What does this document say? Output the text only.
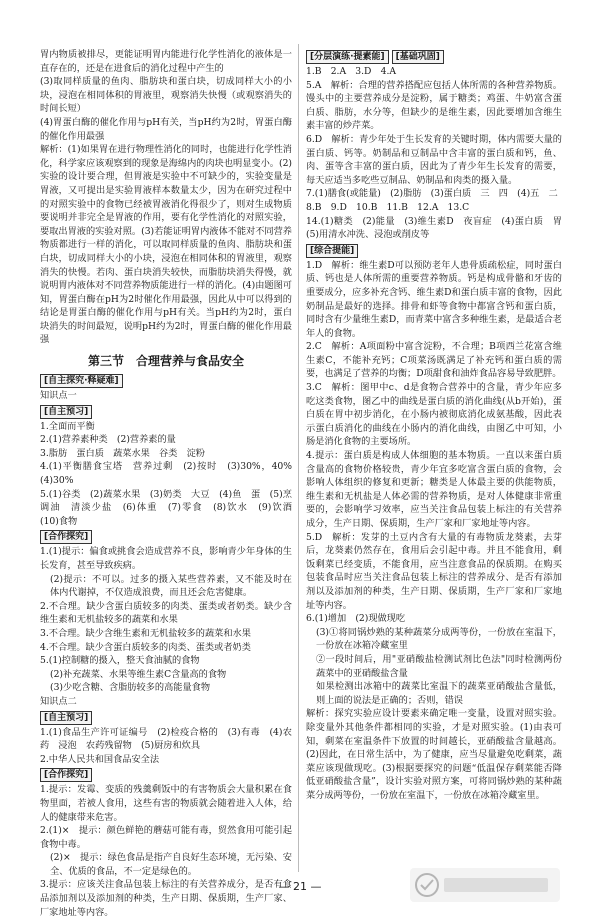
胃内物质被排尽，更能证明胃内能进行化学性消化的液体是一直存在的，还是在进食后的消化过程中产生的

(3)取同样质量的鱼肉、脂肪块和蛋白块，切成同样大小的小块，浸泡在相同体积的胃液里，观察消失快慢（或观察消失的时间长短）

(4)胃蛋白酶的催化作用与pH有关，当pH约为2时，胃蛋白酶的催化作用最强

解析：(1)如果胃在进行物理性消化的同时，也能进行化学性消化，科学家应该观察到的现象是海绵内的肉块也明显变小。(2)实验的设计要合理，但胃液是实验中不可缺少的，实验变量是胃液，又可提出是实验胃液样本数量太少，因为在研究过程中的对照实验中的食物已经被胃液消化得很少了，则对生成物质要说明并非完全是胃液的作用，要有化学性消化的对照实验，要取出胃液的实验对照。(3)若能证明胃内液体不能对不同营养物质都进行一样的消化，可以取同样质量的鱼肉、脂肪块和蛋白块，切成同样大小的小块，浸泡在相同体积的胃液里，观察消失的快慢。若肉、蛋白块消失较快，而脂肪块消失得慢，就说明胃内液体对不同营养物质能进行一样的消化。(4)由题图可知，胃蛋白酶在pH为2时催化作用最强，因此从中可以得到的结论是胃蛋白酶的催化作用与pH有关。当pH约为2时，蛋白块消失的时间最短，说明pH约为2时，胃蛋白酶的催化作用最强

第三节　合理营养与食品安全
[自主探究·释疑难]

知识点一

[自主预习]

1.全面而平衡

2.(1)营养素种类　(2)营养素的量

3.脂肪　蛋白质　蔬菜水果　谷类　淀粉

4.(1)平衡膳食宝塔　营养过剩　(2)按时　(3)30%，40%　(4)30%

5.(1)谷类　(2)蔬菜水果　(3)奶类　大豆　(4)鱼　蛋　(5)烹调油　清淡少盐　(6)体重　(7)零食　(8)饮水　(9)饮酒　(10)食物

[合作探究]

1.(1)提示：偏食或挑食会造成营养不良，影响青少年身体的生长发育，甚至导致疾病。

(2)提示：不可以。过多的摄入某些营养素，又不能及时在体内代谢掉，不仅造成浪费，而且还会危害健康。

2.不合理。缺少含蛋白质较多的肉类、蛋类或者奶类。缺少含维生素和无机盐较多的蔬菜和水果

3.不合理。缺少含维生素和无机盐较多的蔬菜和水果

4.不合理。缺少含蛋白质较多的肉类、蛋类或者奶类

5.(1)控制糖的摄入，整天食油腻的食物

(2)补充蔬菜、水果等维生素C含量高的食物

(3)少吃含糖、含脂肪较多的高能量食物

知识点二

[自主预习]

1.(1)食品生产许可证编号　(2)检疫合格的　(3)有毒　(4)农药　浸泡　农药残留物　(5)厨房和炊具

2.中华人民共和国食品安全法

[合作探究]

1.提示：发霉、变质的残羹剩饭中的有害物质会大量积累在食物里面，若被人食用，这些有害的物质就会随着进入人体，给人的健康带来危害。

2.(1)×　提示：颜色鲜艳的蘑菇可能有毒，贸然食用可能引起食物中毒。

(2)×　提示：绿色食品是指产自良好生态环境，无污染、安全、优质的食品，不一定是绿色的。

3.提示：应该关注食品包装上标注的有关营养成分，是否有食品添加剂以及添加剂的种类，生产日期、保质期，生产厂家、厂家地址等内容。

[分层演练·提素能] [基础巩固]

1.B　2.A　3.D　4.A

5.A　解析：合理的营养搭配应包括人体所需的各种营养物质。馒头中的主要营养成分是淀粉，属于糖类；鸡蛋、牛奶富含蛋白质、脂肪，水分等，但缺少的是维生素，因此要增加含维生素丰富的炒芹菜。

6.D　解析：青少年处于生长发育的关键时期，体内需要大量的蛋白质、钙等。奶制品和豆制品中含丰富的蛋白质和钙，鱼、肉、蛋等含丰富的蛋白质，因此为了青少年生长发育的需要，每天应适当多吃些豆制品、奶制品和肉类的摄入量。

7.(1)膳食(或能量)　(2)脂肪　(3)蛋白质　三　四　(4)五　二

8.B　9.D　10.B　11.B　12.A　13.C

14.(1)糖类　(2)能量　(3)维生素D　夜盲症　(4)蛋白质　胃　(5)用清水冲洗、浸泡或削皮等

[综合提能]

1.D　解析：维生素D可以预防老年人患骨质疏松症，同时蛋白质、钙也是人体所需的重要营养物质。钙是构成骨骼和牙齿的重要成分，应多补充含钙、维生素D和蛋白质丰富的食物，因此奶制品是最好的选择。排骨和虾等食物中都富含钙和蛋白质，同时含有少量维生素D，而青菜中富含多种维生素，是最适合老年人的食物。

2.C　解析：A项面粉中富含淀粉，不合理；B项西兰花富含维生素C，不能补充钙；C项菜汤既满足了补充钙和蛋白质的需要，也满足了营养的均衡；D项甜食和油炸食品容易导致肥胖。

3.C　解析：图甲中c、d是食物合营养中的含量，青少年应多吃这类食物，图乙中的曲线是蛋白质的消化曲线(从b开始)，蛋白质在胃中初步消化，在小肠内被彻底消化成氨基酸，因此表示蛋白质消化的曲线在小肠内的消化曲线，由图乙中可知，小肠是消化食物的主要场所。

4.提示：蛋白质是构成人体细胞的基本物质。一直以来蛋白质含量高的食物价格较贵，青少年宜多吃富含蛋白质的食物，会影响人体组织的修复和更新；糖类是人体最主要的供能物质，维生素和无机盐是人体必需的营养物质，是对人体健康非常重要的，会影响学习效率，应当关注食品包装上标注的有关营养成分，生产日期、保质期，生产厂家和厂家地址等内容。

5.D　解析：发芽的土豆内含有大量的有毒物质龙葵素，去芽后，龙葵素仍然存在，食用后会引起中毒。并且不能食用，剩饭剩菜已经变质，不能食用，应当注意食品的保质期。在购买包装食品时应当关注食品包装上标注的营养成分、是否有添加剂以及添加剂的种类，生产日期、保质期，生产厂家和厂家地址等内容。

6.(1)增加　(2)现做现吃

(3)①将同锅炒熟的某种蔬菜分成两等份，一份放在室温下，一份放在冰箱冷藏室里

②一段时间后，用"亚硝酸盐检测试剂比色法"同时检测两份蔬菜中的亚硝酸盐含量

如果检测出冰箱中的蔬菜比室温下的蔬菜亚硝酸盐含量低，则上面的说法是正确的；否则，错误

解析：探究实验应设计要素来确定唯一变量，设置对照实验。除变量外其他条件都相同的实验，才是对照实验。(1)由表可知，剩菜在室温条件下放置的时间越长，亚硝酸盐含量越高。(2)因此，在日常生活中，为了健康，应当尽量避免吃剩菜，蔬菜应该现做现吃。(3)根据要探究的问题“低温保存剩菜能否降低亚硝酸盐含量”，设计实验对照方案，可将同锅炒熟的某种蔬菜分成两等份，一份放在室温下，一份放在冰箱冷藏室里。

— 21 —
